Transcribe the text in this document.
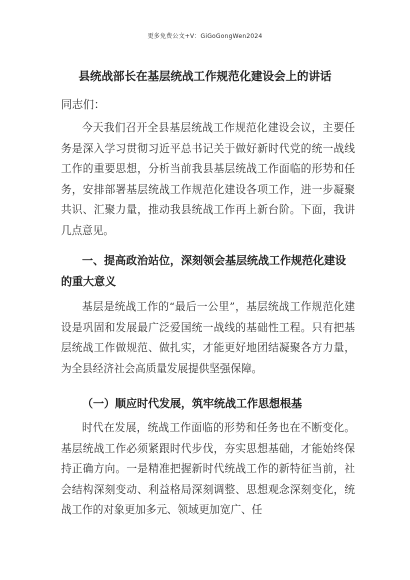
更多免费公文+V：GiGoGongWen2024
县统战部长在基层统战工作规范化建设会上的讲话
同志们：
今天我们召开全县基层统战工作规范化建设会议，主要任务是深入学习贯彻习近平总书记关于做好新时代党的统一战线工作的重要思想，分析当前我县基层统战工作面临的形势和任务，安排部署基层统战工作规范化建设各项工作，进一步凝聚共识、汇聚力量，推动我县统战工作再上新台阶。下面，我讲几点意见。
一、提高政治站位，深刻领会基层统战工作规范化建设的重大意义
基层是统战工作的“最后一公里”，基层统战工作规范化建设是巩固和发展最广泛爱国统一战线的基础性工程。只有把基层统战工作做规范、做扎实，才能更好地团结凝聚各方力量，为全县经济社会高质量发展提供坚强保障。
（一）顺应时代发展，筑牢统战工作思想根基
时代在发展，统战工作面临的形势和任务也在不断变化。基层统战工作必须紧跟时代步伐，夯实思想基础，才能始终保持正确方向。一是精准把握新时代统战工作的新特征当前，社会结构深刻变动、利益格局深刻调整、思想观念深刻变化，统战工作的对象更加多元、领域更加宽广、任
